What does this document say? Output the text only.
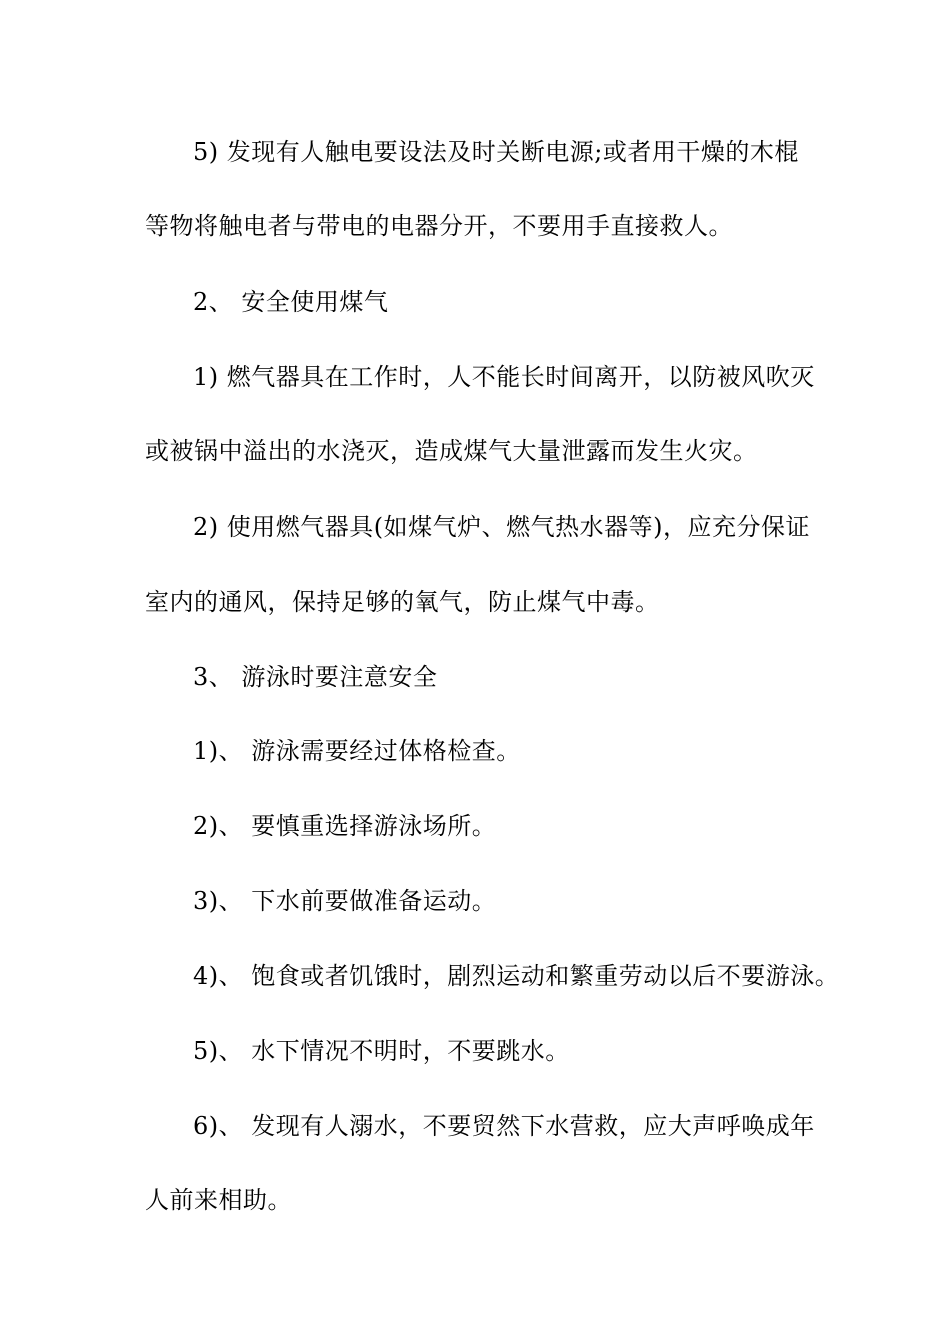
5) 发现有人触电要设法及时关断电源;或者用干燥的木棍
等物将触电者与带电的电器分开，不要用手直接救人。
2、 安全使用煤气
1) 燃气器具在工作时，人不能长时间离开，以防被风吹灭
或被锅中溢出的水浇灭，造成煤气大量泄露而发生火灾。
2) 使用燃气器具(如煤气炉、燃气热水器等)，应充分保证
室内的通风，保持足够的氧气，防止煤气中毒。
3、 游泳时要注意安全
1)、 游泳需要经过体格检查。
2)、 要慎重选择游泳场所。
3)、 下水前要做准备运动。
4)、 饱食或者饥饿时，剧烈运动和繁重劳动以后不要游泳。
5)、 水下情况不明时，不要跳水。
6)、 发现有人溺水，不要贸然下水营救，应大声呼唤成年
人前来相助。
